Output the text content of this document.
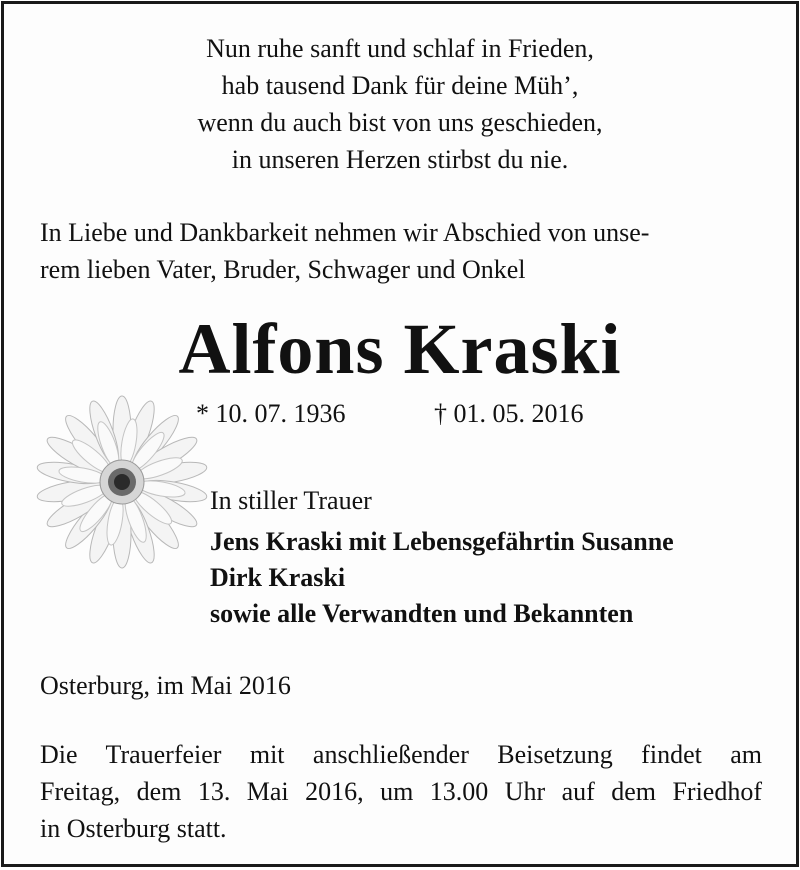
Nun ruhe sanft und schlaf in Frieden,
hab tausend Dank für deine Müh’,
wenn du auch bist von uns geschieden,
in unseren Herzen stirbst du nie.
In Liebe und Dankbarkeit nehmen wir Abschied von unse-
rem lieben Vater, Bruder, Schwager und Onkel
Alfons Kraski
* 10. 07. 1936	† 01. 05. 2016
In stiller Trauer
Jens Kraski mit Lebensgefährtin Susanne
Dirk Kraski
sowie alle Verwandten und Bekannten
Osterburg, im Mai 2016
Die Trauerfeier mit anschließender Beisetzung findet am
Freitag, dem 13. Mai 2016, um 13.00 Uhr auf dem Friedhof
in Osterburg statt.
